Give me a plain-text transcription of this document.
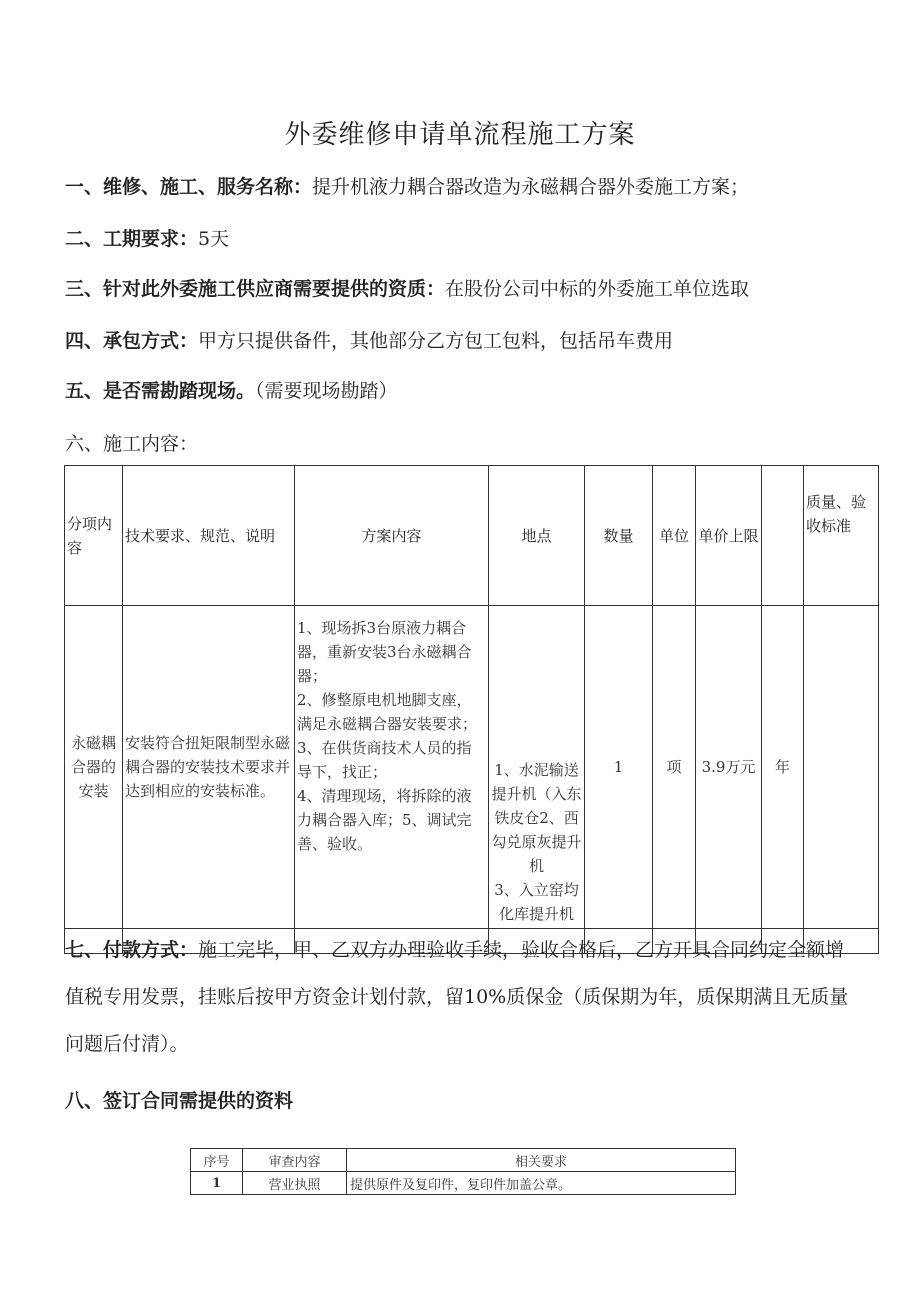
外委维修申请单流程施工方案
一、维修、施工、服务名称：提升机液力耦合器改造为永磁耦合器外委施工方案；
二、工期要求：5天
三、针对此外委施工供应商需要提供的资质：在股份公司中标的外委施工单位选取
四、承包方式：甲方只提供备件，其他部分乙方包工包料，包括吊车费用
五、是否需勘踏现场。（需要现场勘踏）
六、施工内容：
分项内容	技术要求、规范、说明	方案内容	地点	数量	单位	单价上限		质量、验收标准
永磁耦合器的安装	安装符合扭矩限制型永磁耦合器的安装技术要求并达到相应的安装标准。	1、现场拆3台原液力耦合器，重新安装3台永磁耦合器；
2、修整原电机地脚支座，满足永磁耦合器安装要求；
3、在供货商技术人员的指导下，找正；
4、清理现场，将拆除的液力耦合器入库；5、调试完善、验收。	1、水泥输送提升机（入东铁皮仓2、西勾兑原灰提升机
3、入立窑均化库提升机	1	项	3.9万元	年	

七、付款方式：施工完毕，甲、乙双方办理验收手续，验收合格后，乙方开具合同约定全额增值税专用发票，挂账后按甲方资金计划付款，留10%质保金（质保期为年，质保期满且无质量问题后付清）。
八、签订合同需提供的资料
序号	审查内容	相关要求
1	营业执照	提供原件及复印件，复印件加盖公章。
